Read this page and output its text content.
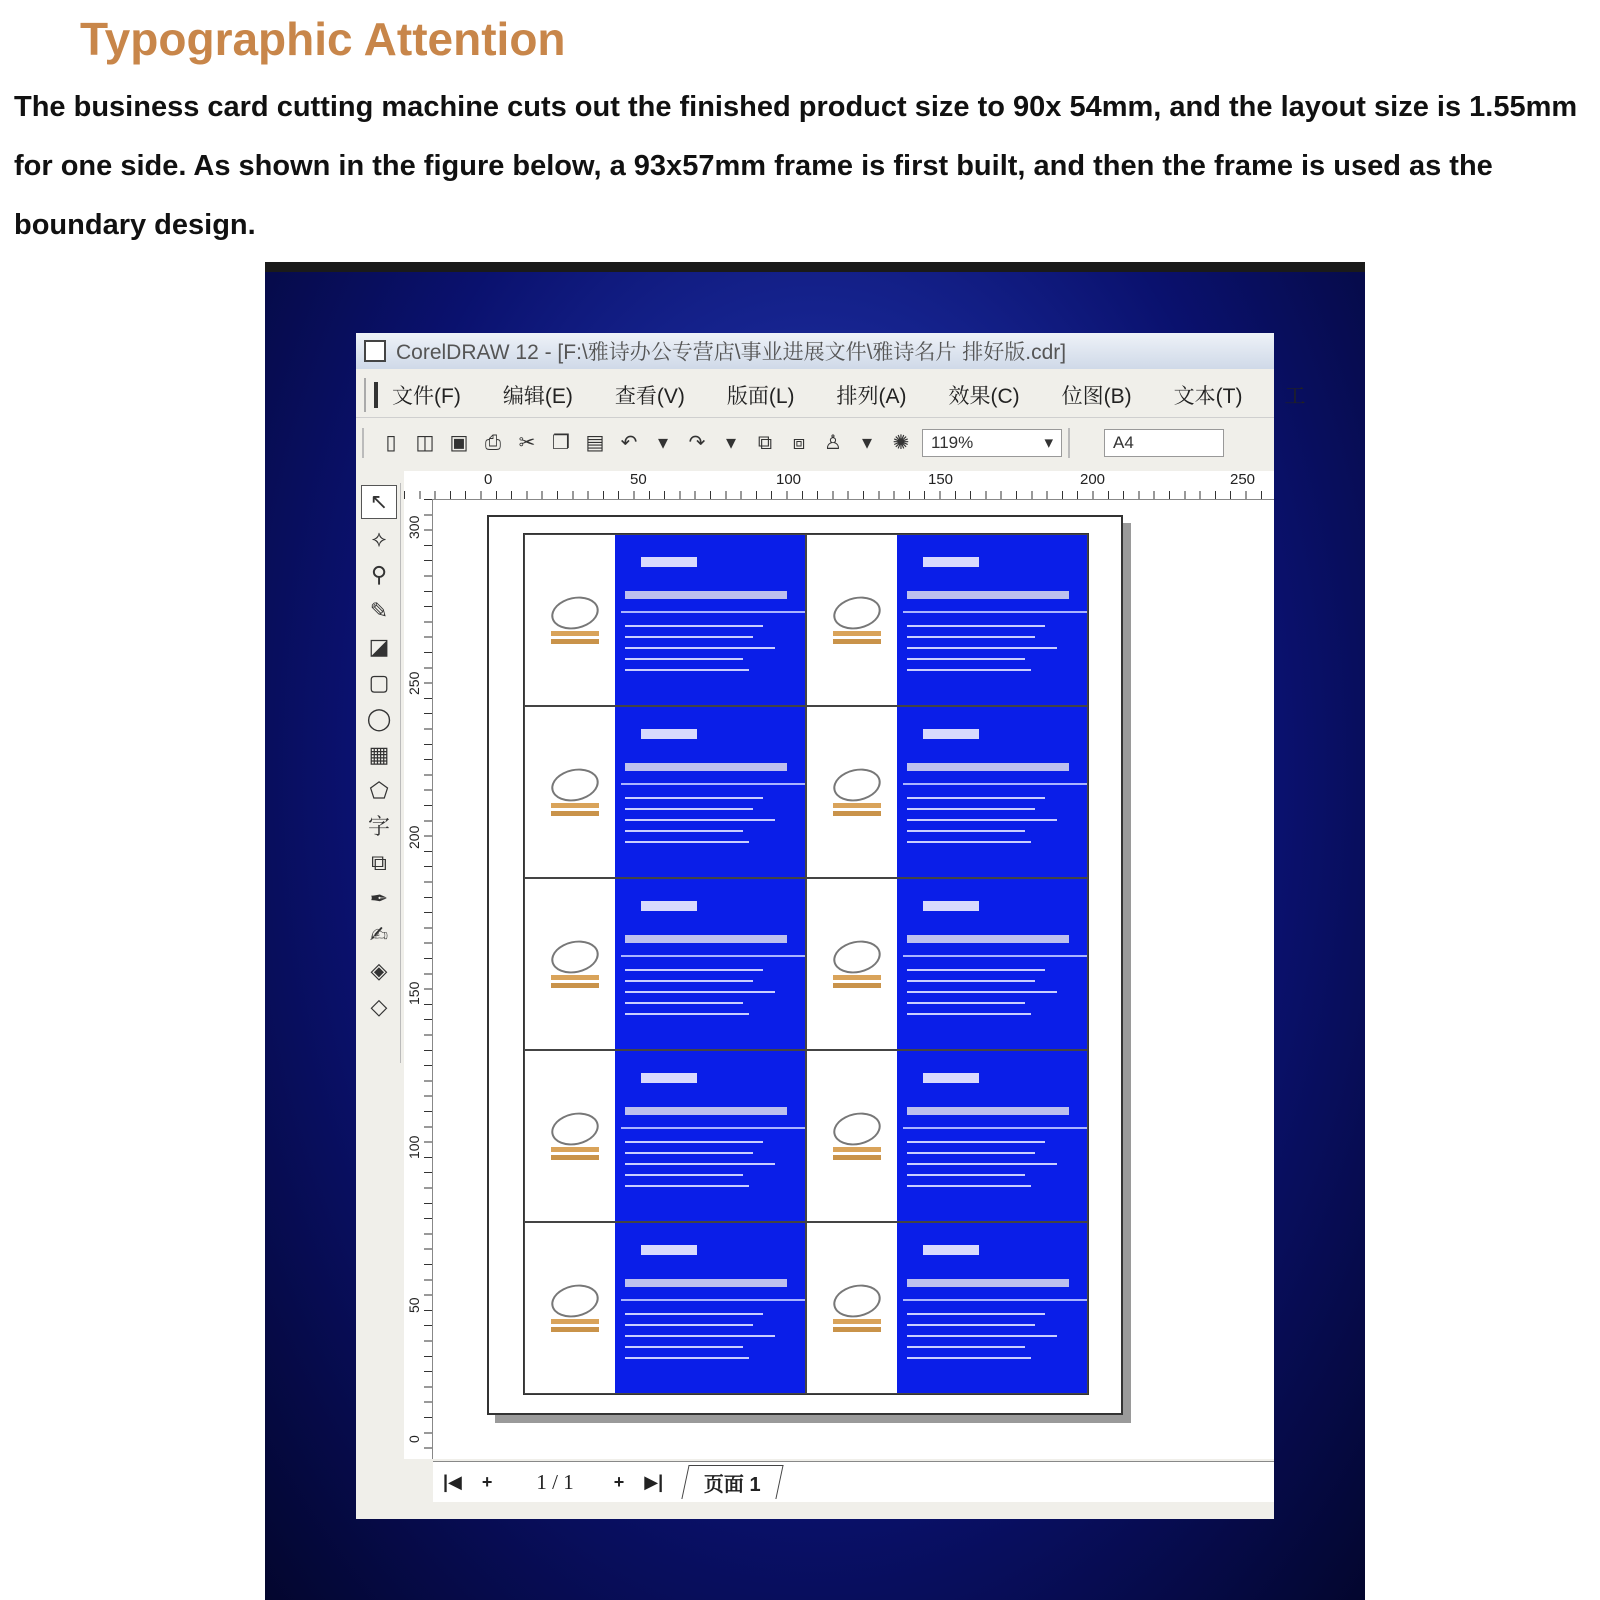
Typographic Attention

The business card cutting machine cuts out the finished product size to 90x 54mm, and the layout size is 1.55mm for one side. As shown in the figure below, a 93x57mm frame is first built, and then the frame is used as the boundary design.

CorelDRAW 12 - [F:\雅诗办公专营店\事业进展文件\雅诗名片 排好版.cdr]
文件(F) 编辑(E) 查看(V) 版面(L) 排列(A) 效果(C) 位图(B) 文本(T) 工
▯ ◫ ▣ ⎙ ✂ ❐ ▤ ↶ ▾ ↷ ▾ ⧉ ⧈ ♙ ▾ ✺ 119%	▾	A4
0	50	100	150	200	250
300
250
200
150
100
50
0
↖
⟡
⚲
✎
◪
▢
◯
▦
⬠
字
⧉
✒
✍
◈
◇
|◀ + 1 / 1 + ▶|	页面 1
